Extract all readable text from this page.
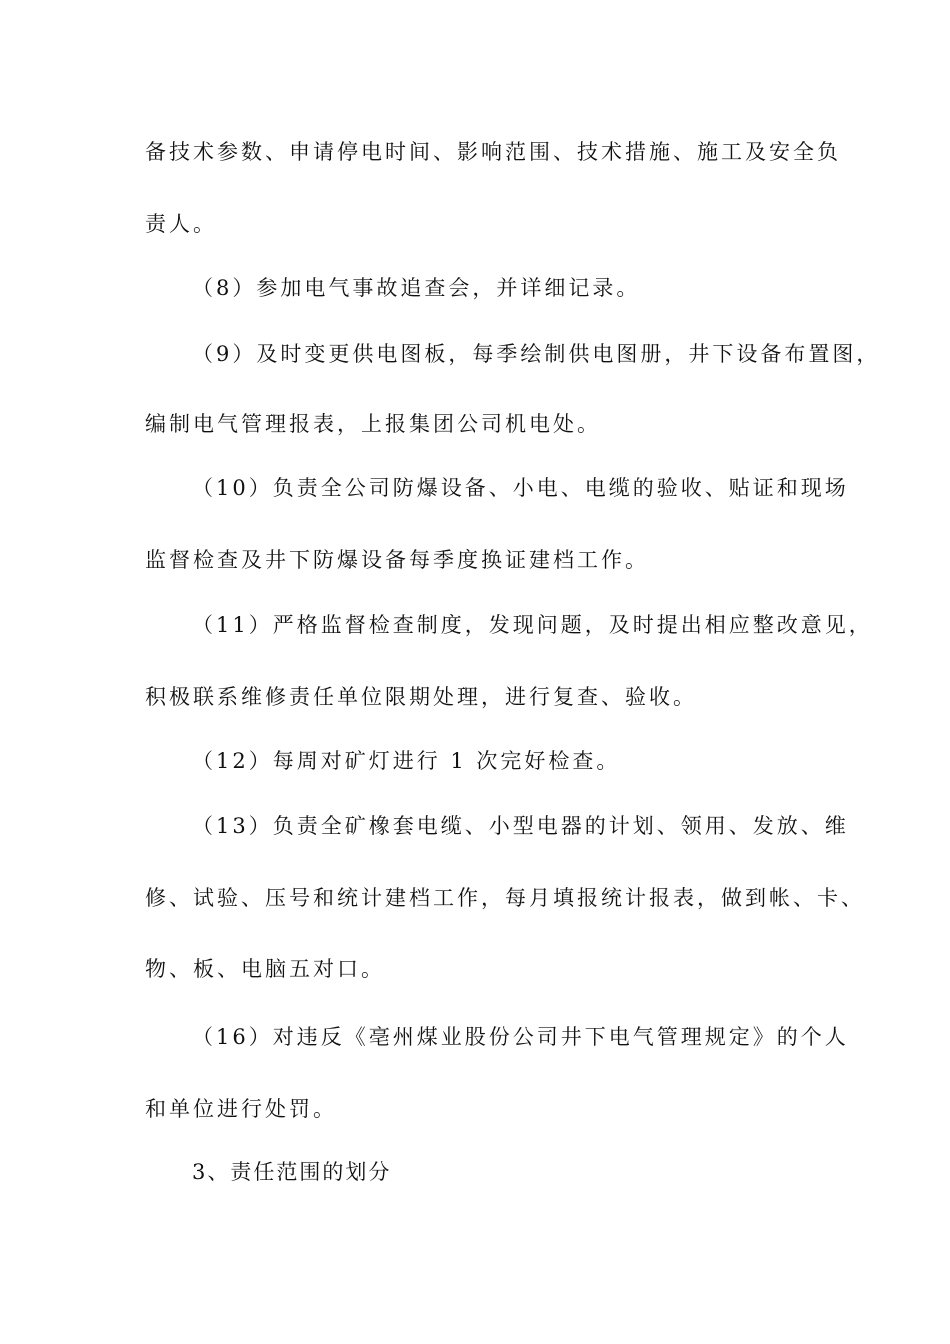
备技术参数、申请停电时间、影响范围、技术措施、施工及安全负
责人。
（8）参加电气事故追查会，并详细记录。
（9）及时变更供电图板，每季绘制供电图册，井下设备布置图，
编制电气管理报表，上报集团公司机电处。
（10）负责全公司防爆设备、小电、电缆的验收、贴证和现场
监督检查及井下防爆设备每季度换证建档工作。
（11）严格监督检查制度，发现问题，及时提出相应整改意见，
积极联系维修责任单位限期处理，进行复查、验收。
（12）每周对矿灯进行 1 次完好检查。
（13）负责全矿橡套电缆、小型电器的计划、领用、发放、维
修、试验、压号和统计建档工作，每月填报统计报表，做到帐、卡、
物、板、电脑五对口。
（16）对违反《亳州煤业股份公司井下电气管理规定》的个人
和单位进行处罚。
3、责任范围的划分
